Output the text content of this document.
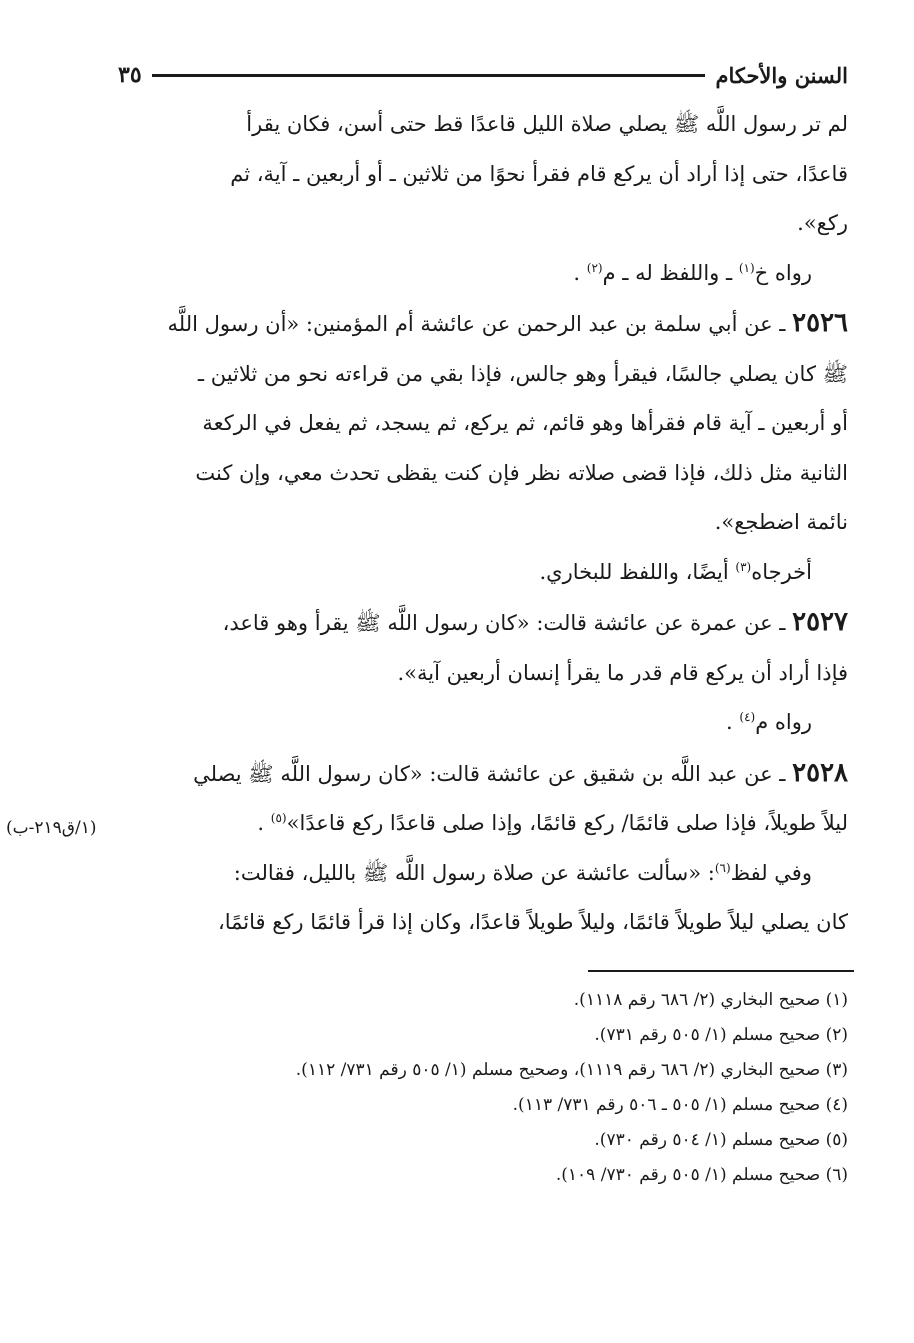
السنن والأحكام
٣٥

لم تر رسول اللَّه ﷺ يصلي صلاة الليل قاعدًا قط حتى أسن، فكان يقرأ

قاعدًا، حتى إذا أراد أن يركع قام فقرأ نحوًا من ثلاثين ـ أو أربعين ـ آية، ثم

ركع».

رواه خ$^{(١)}$ ـ واللفظ له ـ م$^{(٢)}$ .

٢٥٢٦ ـ عن أبي سلمة بن عبد الرحمن عن عائشة أم المؤمنين: «أن رسول اللَّه

ﷺ كان يصلي جالسًا، فيقرأ وهو جالس، فإذا بقي من قراءته نحو من ثلاثين ـ

أو أربعين ـ آية قام فقرأها وهو قائم، ثم يركع، ثم يسجد، ثم يفعل في الركعة

الثانية مثل ذلك، فإذا قضى صلاته نظر فإن كنت يقظى تحدث معي، وإن كنت

نائمة اضطجع».

أخرجاه$^{(٣)}$ أيضًا، واللفظ للبخاري.

٢٥٢٧ ـ عن عمرة عن عائشة قالت: «كان رسول اللَّه ﷺ يقرأ وهو قاعد،

فإذا أراد أن يركع قام قدر ما يقرأ إنسان أربعين آية».

رواه م$^{(٤)}$ .

٢٥٢٨ ـ عن عبد اللَّه بن شقيق عن عائشة قالت: «كان رسول اللَّه ﷺ يصلي

ليلاً طويلاً، فإذا صلى قائمًا/ ركع قائمًا، وإذا صلى قاعدًا ركع قاعدًا»$^{(٥)}$ .

وفي لفظ$^{(٦)}$: «سألت عائشة عن صلاة رسول اللَّه ﷺ بالليل، فقالت:

كان يصلي ليلاً طويلاً قائمًا، وليلاً طويلاً قاعدًا، وكان إذا قرأ قائمًا ركع قائمًا،

(١/ق٢١٩-ب)
(١) صحيح البخاري (٢/ ٦٨٦ رقم ١١١٨).
(٢) صحيح مسلم (١/ ٥٠٥ رقم ٧٣١).
(٣) صحيح البخاري (٢/ ٦٨٦ رقم ١١١٩)، وصحيح مسلم (١/ ٥٠٥ رقم ٧٣١/ ١١٢).
(٤) صحيح مسلم (١/ ٥٠٥ ـ ٥٠٦ رقم ٧٣١/ ١١٣).
(٥) صحيح مسلم (١/ ٥٠٤ رقم ٧٣٠).
(٦) صحيح مسلم (١/ ٥٠٥ رقم ٧٣٠/ ١٠٩).
